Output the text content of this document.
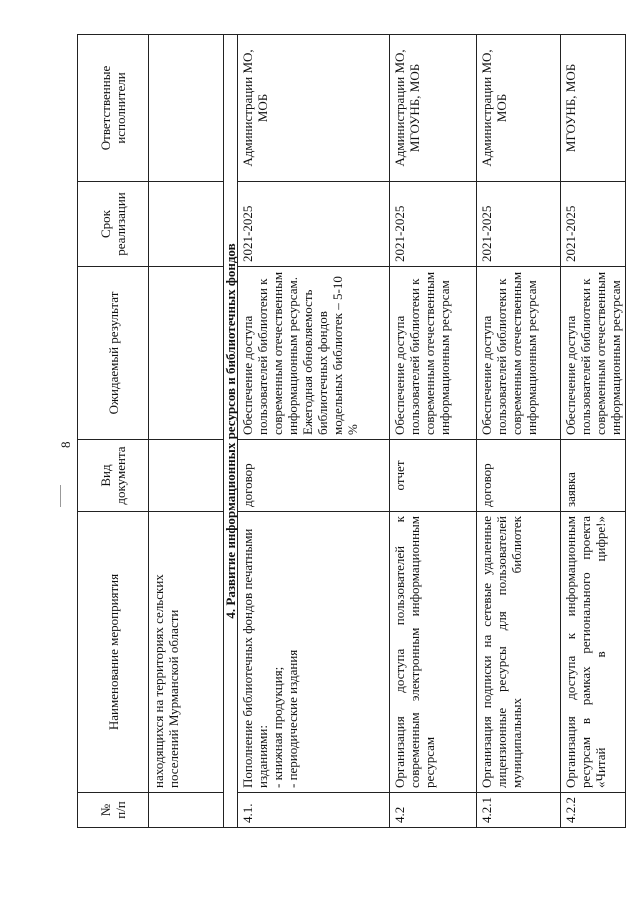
8
№ п/п	Наименование мероприятия	Вид документа	Ожидаемый результат	Срок реализации	Ответственные исполнители
	находящихся на территориях сельских поселений Мурманской области				
4. Развитие информационных ресурсов и библиотечных фондов					
4.1.	Пополнение библиотечных фондов печатными изданиями: - книжная продукция; - периодические издания	договор	Обеспечение доступа пользователей библиотеки к современным отечественным информационным ресурсам. Ежегодная обновляемость библиотечных фондов модельных библиотек – 5-10 %	2021-2025	Администрации МО, МОБ
4.2	Организация доступа пользователей к современным электронным информационным ресурсам	отчет	Обеспечение доступа пользователей библиотеки к современным отечественным информационным ресурсам	2021-2025	Администрации МО, МГОУНБ, МОБ
4.2.1	Организация подписки на сетевые удаленные лицензионные ресурсы для пользователей муниципальных библиотек	договор	Обеспечение доступа пользователей библиотеки к современным отечественным информационным ресурсам	2021-2025	Администрации МО, МОБ
4.2.2	Организация доступа к информационным ресурсам в рамках регионального проекта «Читай в цифре!»	заявка	Обеспечение доступа пользователей библиотеки к современным отечественным информационным ресурсам	2021-2025	МГОУНБ, МОБ
